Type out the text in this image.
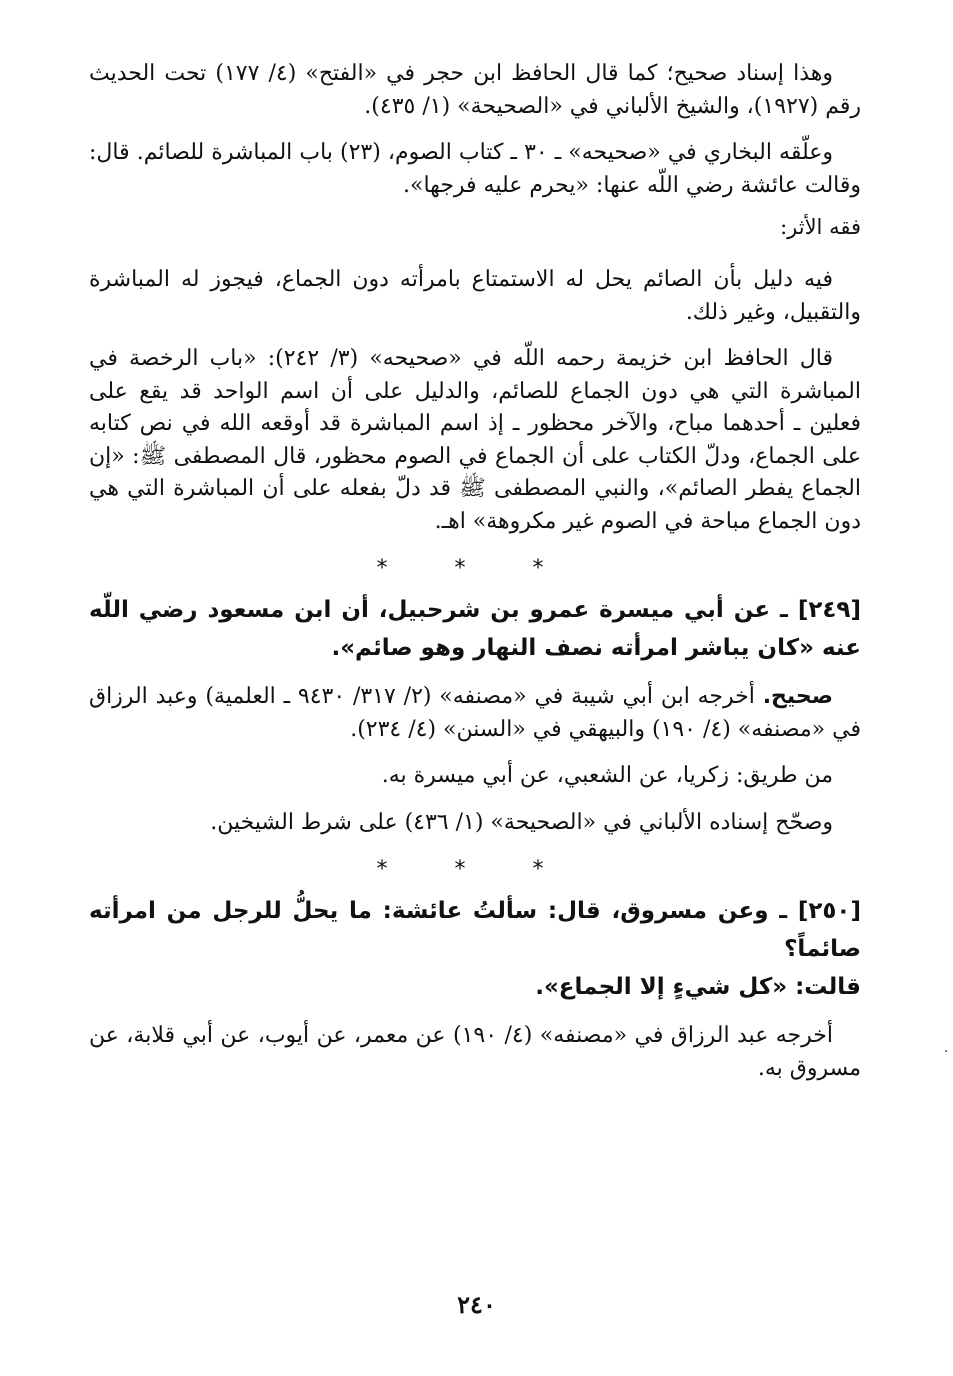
وهذا إسناد صحيح؛ كما قال الحافظ ابن حجر في «الفتح» (٤/ ١٧٧) تحت الحديث رقم (١٩٢٧)، والشيخ الألباني في «الصحيحة» (١/ ٤٣٥).

وعلّقه البخاري في «صحيحه» ـ ٣٠ ـ كتاب الصوم، (٢٣) باب المباشرة للصائم. قال: وقالت عائشة رضي اللّه عنها: «يحرم عليه فرجها».

فقه الأثر:

فيه دليل بأن الصائم يحل له الاستمتاع بامرأته دون الجماع، فيجوز له المباشرة والتقبيل، وغير ذلك.

قال الحافظ ابن خزيمة رحمه اللّه في «صحيحه» (٣/ ٢٤٢): «باب الرخصة في المباشرة التي هي دون الجماع للصائم، والدليل على أن اسم الواحد قد يقع على فعلين ـ أحدهما مباح، والآخر محظور ـ إذ اسم المباشرة قد أوقعه الله في نص كتابه على الجماع، ودلّ الكتاب على أن الجماع في الصوم محظور، قال المصطفى ﷺ: «إن الجماع يفطر الصائم»، والنبي المصطفى ﷺ قد دلّ بفعله على أن المباشرة التي هي دون الجماع مباحة في الصوم غير مكروهة» اهـ.

* * *

[٢٤٩] ـ عن أبي ميسرة عمرو بن شرحبيل، أن ابن مسعود رضي اللّه عنه «كان يباشر امرأته نصف النهار وهو صائم».

صحيح. أخرجه ابن أبي شيبة في «مصنفه» (٢/ ٣١٧/ ٩٤٣٠ ـ العلمية) وعبد الرزاق في «مصنفه» (٤/ ١٩٠) والبيهقي في «السنن» (٤/ ٢٣٤).

من طريق: زكريا، عن الشعبي، عن أبي ميسرة به.

وصحّح إسناده الألباني في «الصحيحة» (١/ ٤٣٦) على شرط الشيخين.

* * *

[٢٥٠] ـ وعن مسروق، قال: سألتُ عائشة: ما يحلُّ للرجل من امرأته صائماً؟

قالت: «كل شيءٍ إلا الجماع».

أخرجه عبد الرزاق في «مصنفه» (٤/ ١٩٠) عن معمر، عن أيوب، عن أبي قلابة، عن مسروق به.

٢٤٠
